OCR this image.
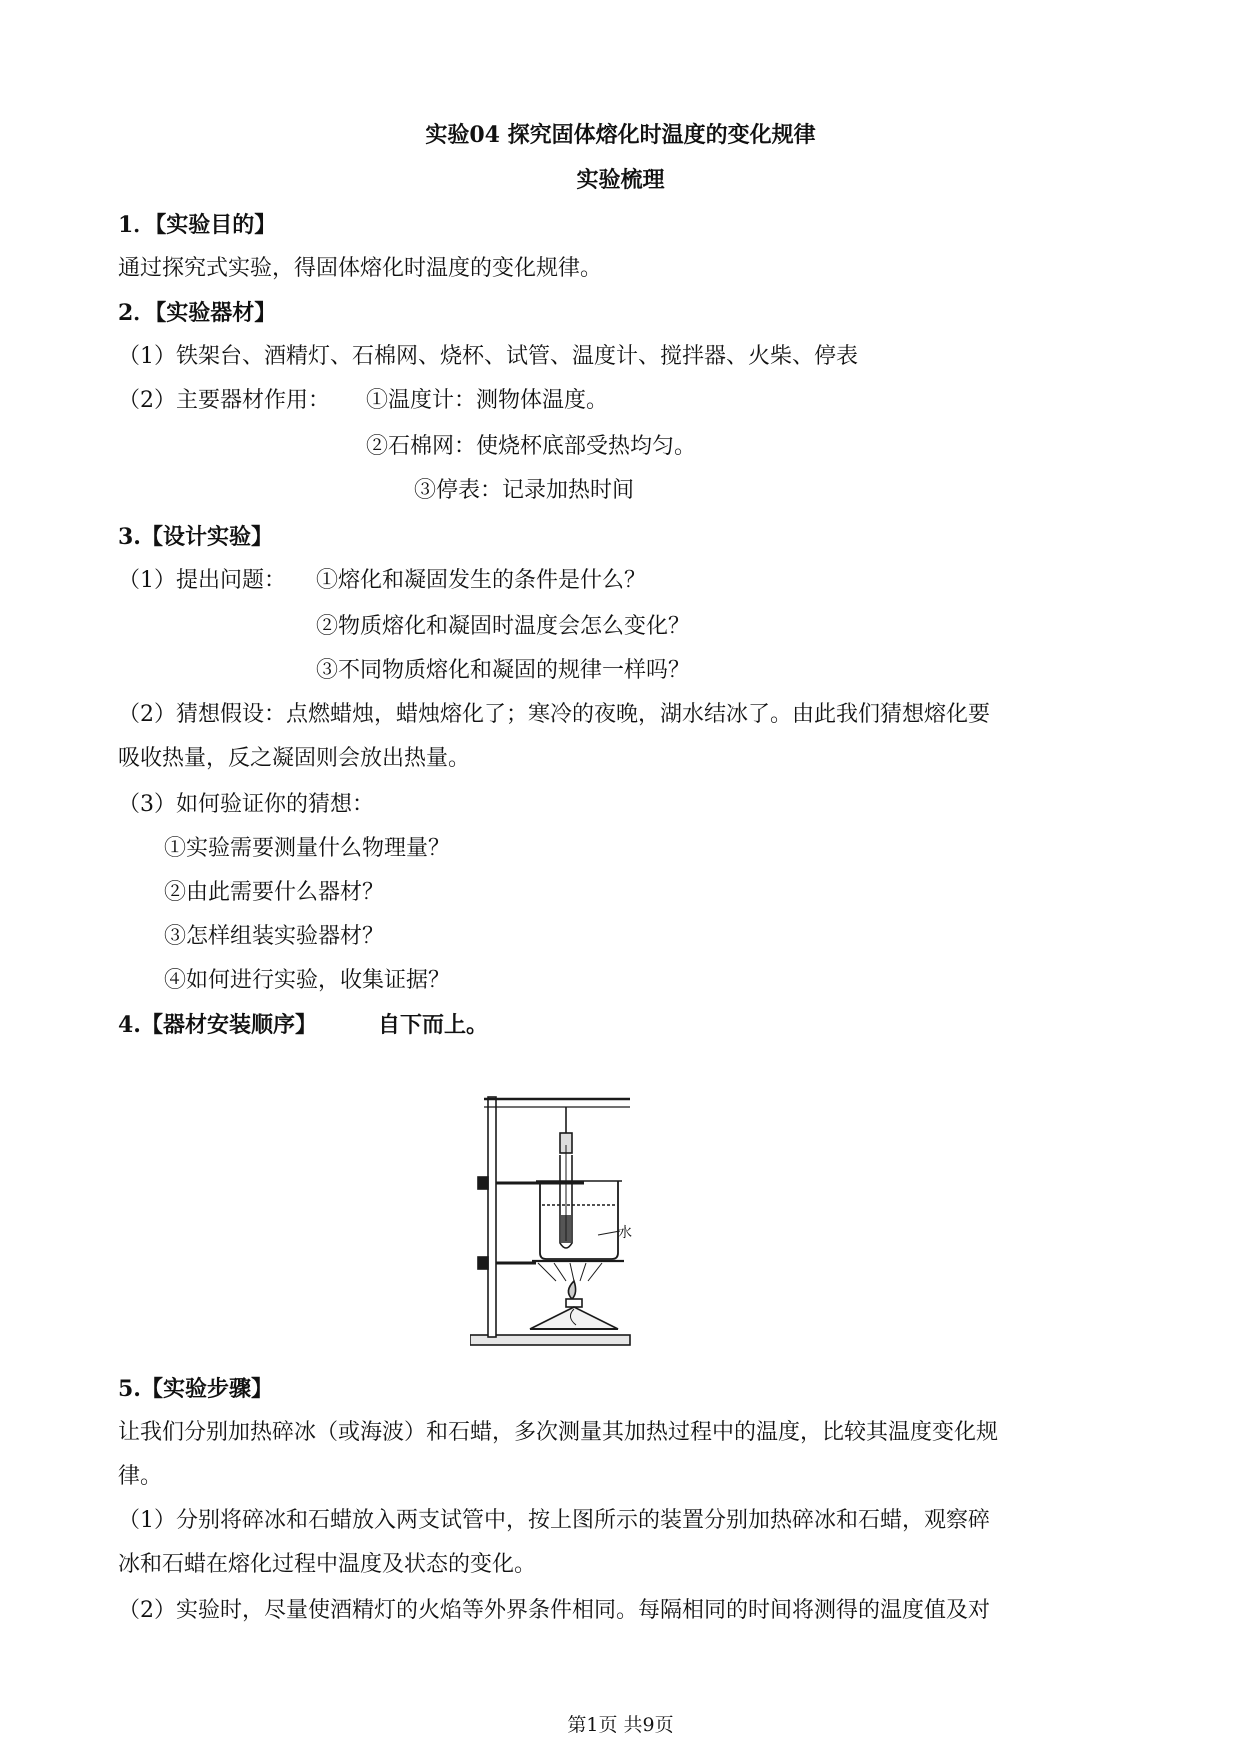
实验04 探究固体熔化时温度的变化规律
实验梳理
1．【实验目的】
通过探究式实验，得固体熔化时温度的变化规律。
2．【实验器材】
（1）铁架台、酒精灯、石棉网、烧杯、试管、温度计、搅拌器、火柴、停表
（2）主要器材作用： ①温度计：测物体温度。
②石棉网：使烧杯底部受热均匀。
③停表：记录加热时间
3.【设计实验】
（1）提出问题： ①熔化和凝固发生的条件是什么？
②物质熔化和凝固时温度会怎么变化？
③不同物质熔化和凝固的规律一样吗？
（2）猜想假设：点燃蜡烛，蜡烛熔化了；寒冷的夜晚，湖水结冰了。由此我们猜想熔化要
吸收热量，反之凝固则会放出热量。
（3）如何验证你的猜想：
①实验需要测量什么物理量？
②由此需要什么器材？
③怎样组装实验器材？
④如何进行实验，收集证据？
4.【器材安装顺序】	自下而上。
水
5.【实验步骤】
让我们分别加热碎冰（或海波）和石蜡，多次测量其加热过程中的温度，比较其温度变化规
律。
（1）分别将碎冰和石蜡放入两支试管中，按上图所示的装置分别加热碎冰和石蜡，观察碎
冰和石蜡在熔化过程中温度及状态的变化。
（2）实验时，尽量使酒精灯的火焰等外界条件相同。每隔相同的时间将测得的温度值及对
第1页 共9页
